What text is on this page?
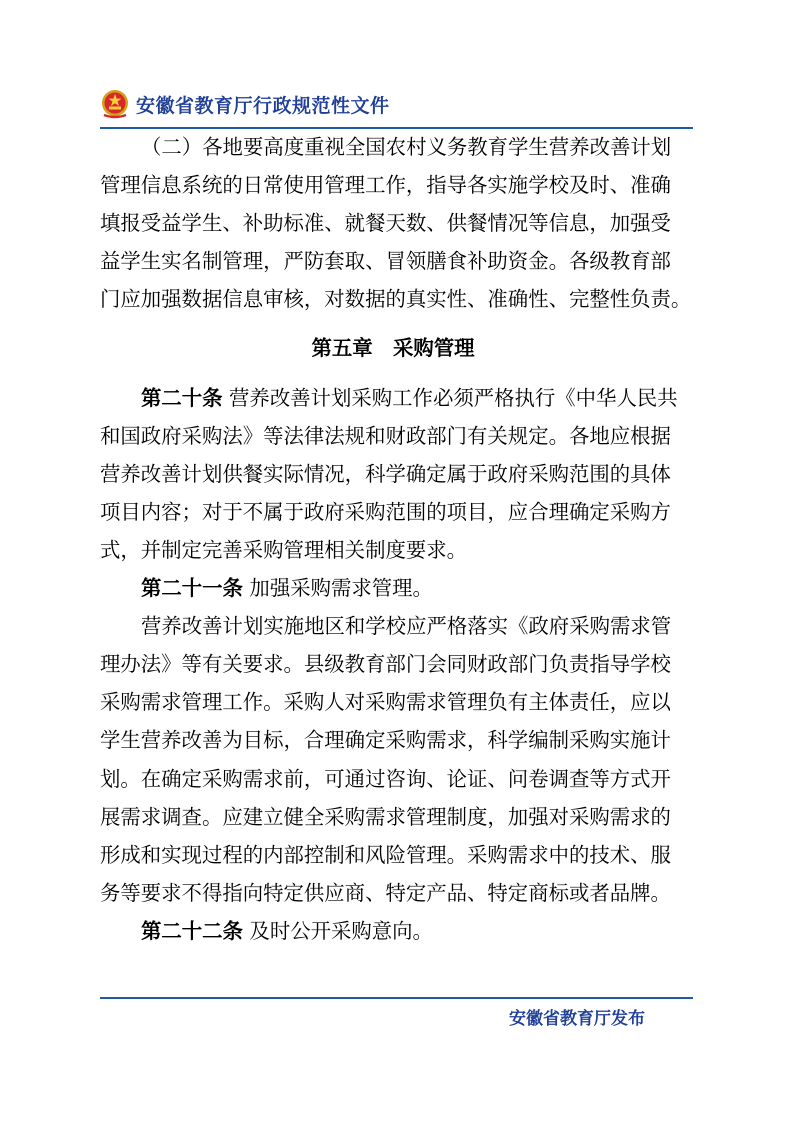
安徽省教育厅行政规范性文件

（二）各地要高度重视全国农村义务教育学生营养改善计划

管理信息系统的日常使用管理工作，指导各实施学校及时、准确

填报受益学生、补助标准、就餐天数、供餐情况等信息，加强受

益学生实名制管理，严防套取、冒领膳食补助资金。各级教育部

门应加强数据信息审核，对数据的真实性、准确性、完整性负责。

第五章　采购管理

第二十条 营养改善计划采购工作必须严格执行《中华人民共

和国政府采购法》等法律法规和财政部门有关规定。各地应根据

营养改善计划供餐实际情况，科学确定属于政府采购范围的具体

项目内容；对于不属于政府采购范围的项目，应合理确定采购方

式，并制定完善采购管理相关制度要求。

第二十一条 加强采购需求管理。

营养改善计划实施地区和学校应严格落实《政府采购需求管

理办法》等有关要求。县级教育部门会同财政部门负责指导学校

采购需求管理工作。采购人对采购需求管理负有主体责任，应以

学生营养改善为目标，合理确定采购需求，科学编制采购实施计

划。在确定采购需求前，可通过咨询、论证、问卷调查等方式开

展需求调查。应建立健全采购需求管理制度，加强对采购需求的

形成和实现过程的内部控制和风险管理。采购需求中的技术、服

务等要求不得指向特定供应商、特定产品、特定商标或者品牌。

第二十二条 及时公开采购意向。

安徽省教育厅发布
